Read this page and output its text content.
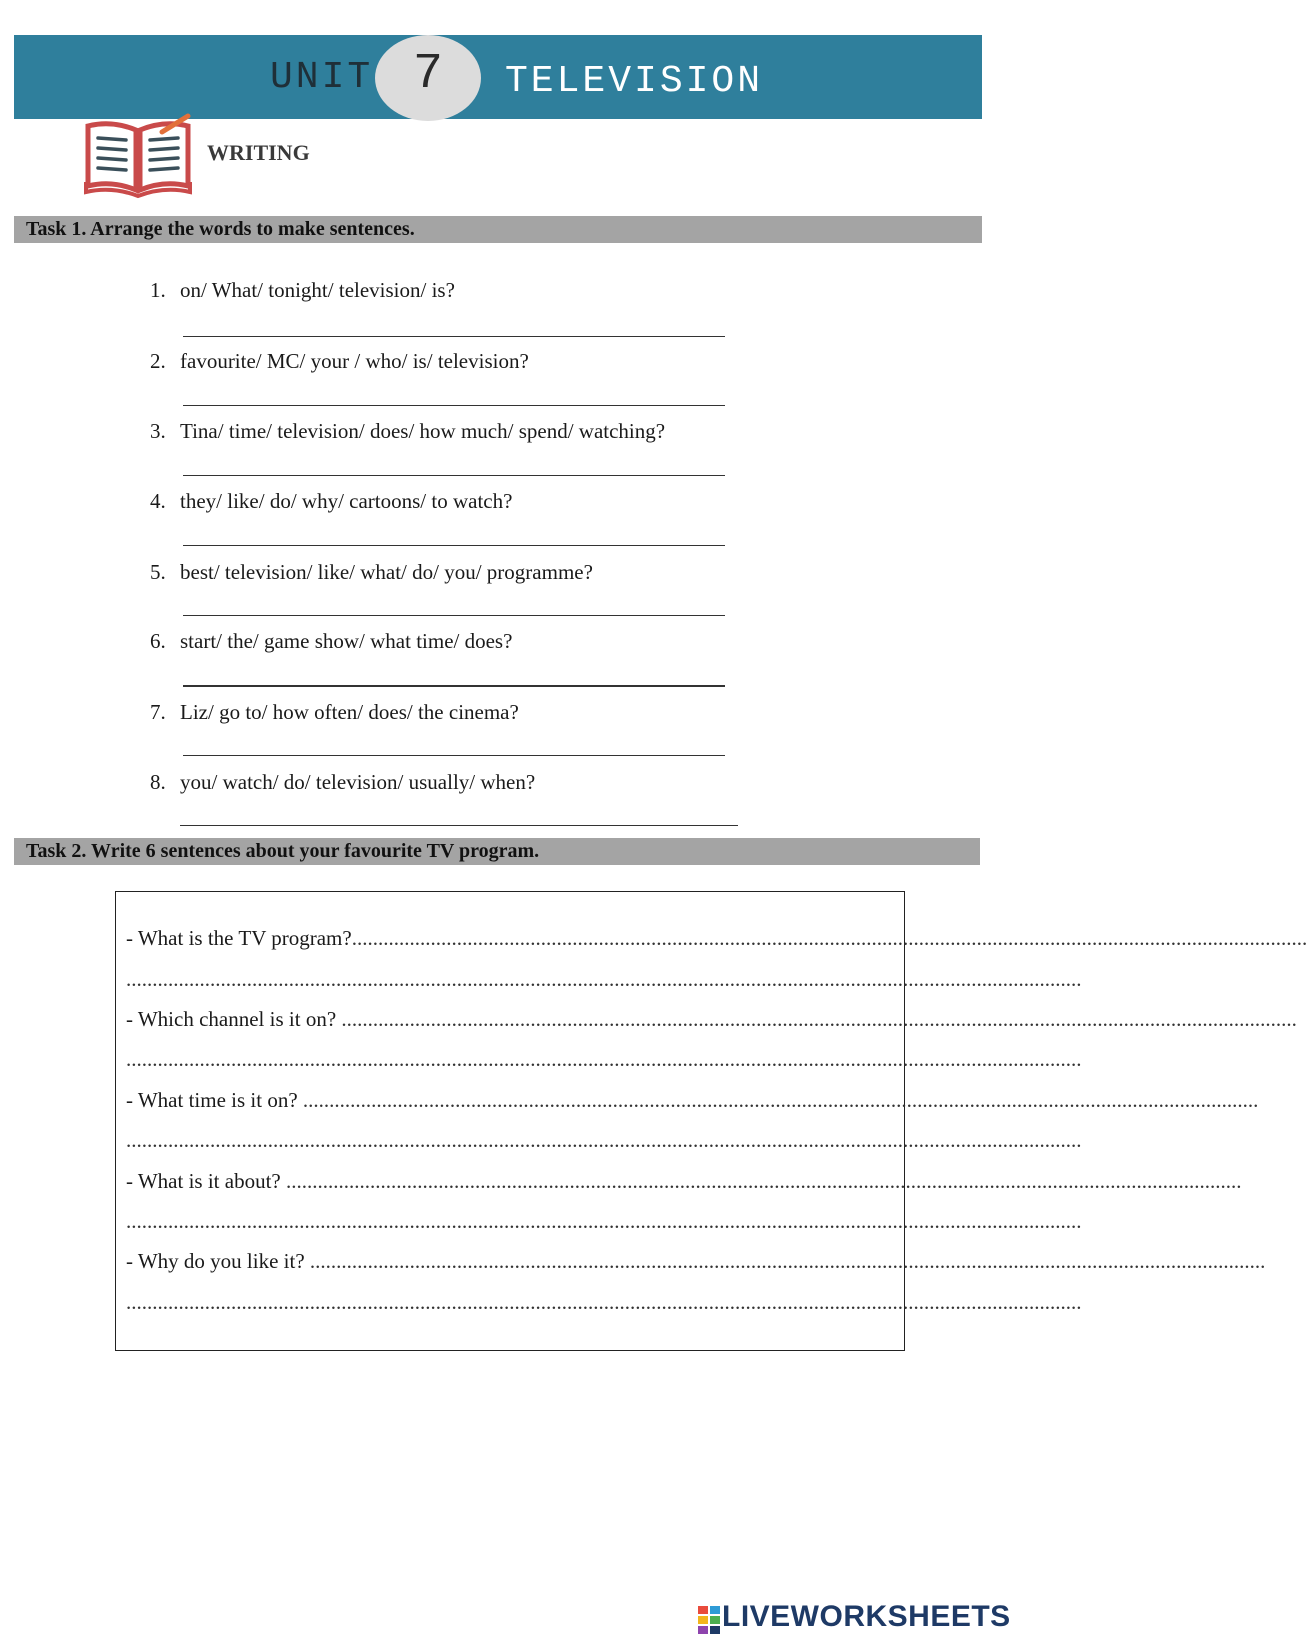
UNIT 7 TELEVISION
WRITING
Task 1. Arrange the words to make sentences.
1. on/ What/ tonight/ television/ is?
2. favourite/ MC/ your / who/ is/ television?
3. Tina/ time/ television/ does/ how much/ spend/ watching?
4. they/ like/ do/ why/ cartoons/ to watch?
5. best/ television/ like/ what/ do/ you/ programme?
6. start/ the/ game show/ what time/ does?
7. Liz/ go to/ how often/ does/ the cinema?
8. you/ watch/ do/ television/ usually/ when?
Task 2. Write 6 sentences about your favourite TV program.
- What is the TV program?......................................................................................................................................................................................
......................................................................................................................................................................................
- Which channel is it on? ......................................................................................................................................................................................
......................................................................................................................................................................................
- What time is it on? ......................................................................................................................................................................................
......................................................................................................................................................................................
- What is it about? ......................................................................................................................................................................................
......................................................................................................................................................................................
- Why do you like it? ......................................................................................................................................................................................
......................................................................................................................................................................................
LIVEWORKSHEETS
